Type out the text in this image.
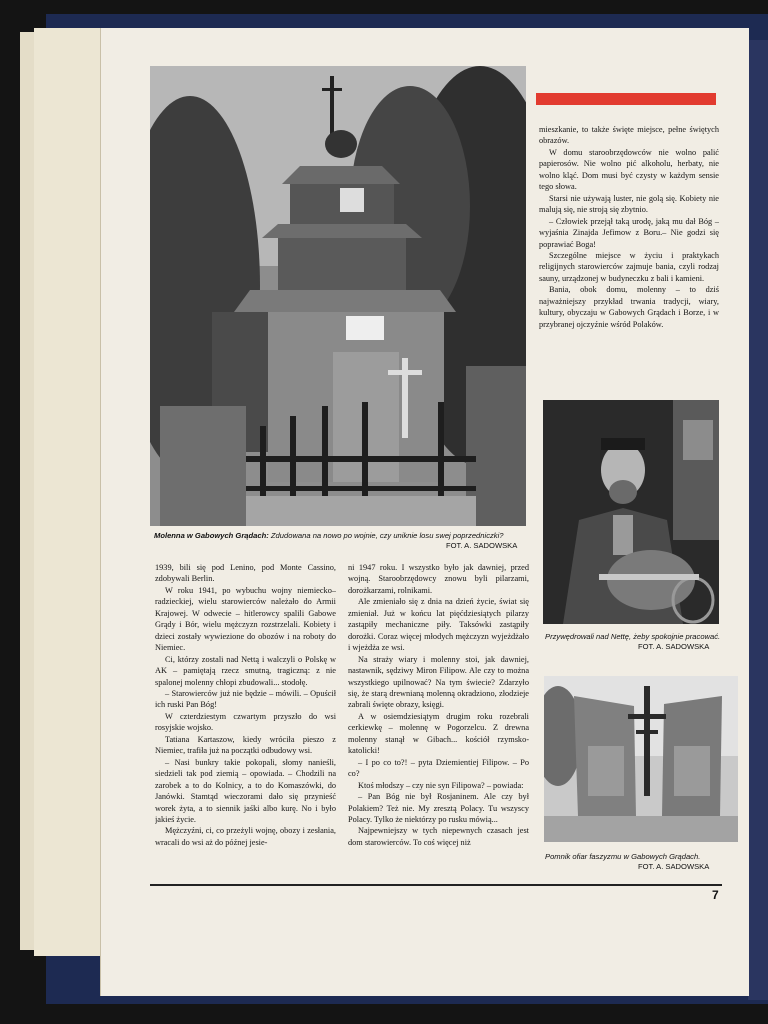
Molenna w Gabowych Grądach: Zdudowana na nowo po wojnie, czy uniknie losu swej poprzedniczki?
FOT. A. SADOWSKA

mieszkanie, to także święte miejsce, pełne świętych obrazów.

W domu staroobrzędowców nie wolno palić papierosów. Nie wolno pić alkoholu, herbaty, nie wolno kląć. Dom musi być czysty w każdym sensie tego słowa.

Starsi nie używają luster, nie golą się. Kobiety nie malują się, nie stroją się zbytnio.

– Człowiek przejął taką urodę, jaką mu dał Bóg – wyjaśnia Zinajda Jefimow z Boru.– Nie godzi się poprawiać Boga!

Szczególne miejsce w życiu i praktykach religijnych starowierców zajmuje bania, czyli rodzaj sauny, urządzonej w budyneczku z bali i kamieni.

Bania, obok domu, molenny – to dziś najważniejszy przykład trwania tradycji, wiary, kultury, obyczaju w Gabowych Grądach i Borze, i w przybranej ojczyźnie wśród Polaków.

Przywędrowali nad Nettę, żeby spokojnie pracować.
FOT. A. SADOWSKA
Pomnik ofiar faszyzmu w Gabowych Grądach.
FOT. A. SADOWSKA

1939, bili się pod Lenino, pod Monte Cassino, zdobywali Berlin.

W roku 1941, po wybuchu wojny niemiecko–radzieckiej, wielu starowierców należało do Armii Krajowej. W odwecie – hitlerowcy spalili Gabowe Grądy i Bór, wielu mężczyzn rozstrzelali. Kobiety i dzieci zostały wywiezione do obozów i na roboty do Niemiec.

Ci, którzy zostali nad Nettą i walczyli o Polskę w AK – pamiętają rzecz smutną, tragiczną: z nie spalonej molenny chłopi zbudowali... stodołę.

– Starowierców już nie będzie – mówili. – Opuścił ich ruski Pan Bóg!

W czterdziestym czwartym przyszło do wsi rosyjskie wojsko.

Tatiana Kartaszow, kiedy wróciła pieszo z Niemiec, trafiła już na początki odbudowy wsi.

– Nasi bunkry takie pokopali, słomy nanieśli, siedzieli tak pod ziemią – opowiada. – Chodzili na zarobek a to do Kolnicy, a to do Komaszówki, do Janówki. Stamtąd wieczorami dało się przynieść worek żyta, a to siennik jaśki albo kurę. No i było jakieś życie.

Mężczyźni, ci, co przeżyli wojnę, obozy i zesłania, wracali do wsi aż do późnej jesie-

ni 1947 roku. I wszystko było jak dawniej, przed wojną. Staroobrzędowcy znowu byli pilarzami, dorożkarzami, rolnikami.

Ale zmieniało się z dnia na dzień życie, świat się zmieniał. Już w końcu lat pięćdziesiątych pilarzy zastąpiły mechaniczne piły. Taksówki zastąpiły dorożki. Coraz więcej młodych mężczyzn wyjeżdżało i wjeżdża ze wsi.

Na straży wiary i molenny stoi, jak dawniej, nastawnik, sędziwy Miron Filipow. Ale czy to można wszystkiego upilnować? Na tym świecie? Zdarzyło się, że starą drewnianą molenną okradziono, złodzieje zabrali święte obrazy, księgi.

A w osiemdziesiątym drugim roku rozebrali cerkiewkę – molennę w Pogorzelcu. Z drewna molenny stanął w Gibach... kościół rzymsko-katolicki!

– I po co to?! – pyta Dziemientiej Filipow. – Po co?

Ktoś młodszy – czy nie syn Filipowa? – powiada:

– Pan Bóg nie był Rosjaninem. Ale czy był Polakiem? Też nie. My zresztą Polacy. Tu wszyscy Polacy. Tylko że niektórzy po rusku mówią...

Najpewniejszy w tych niepewnych czasach jest dom starowierców. To coś więcej niż

7
